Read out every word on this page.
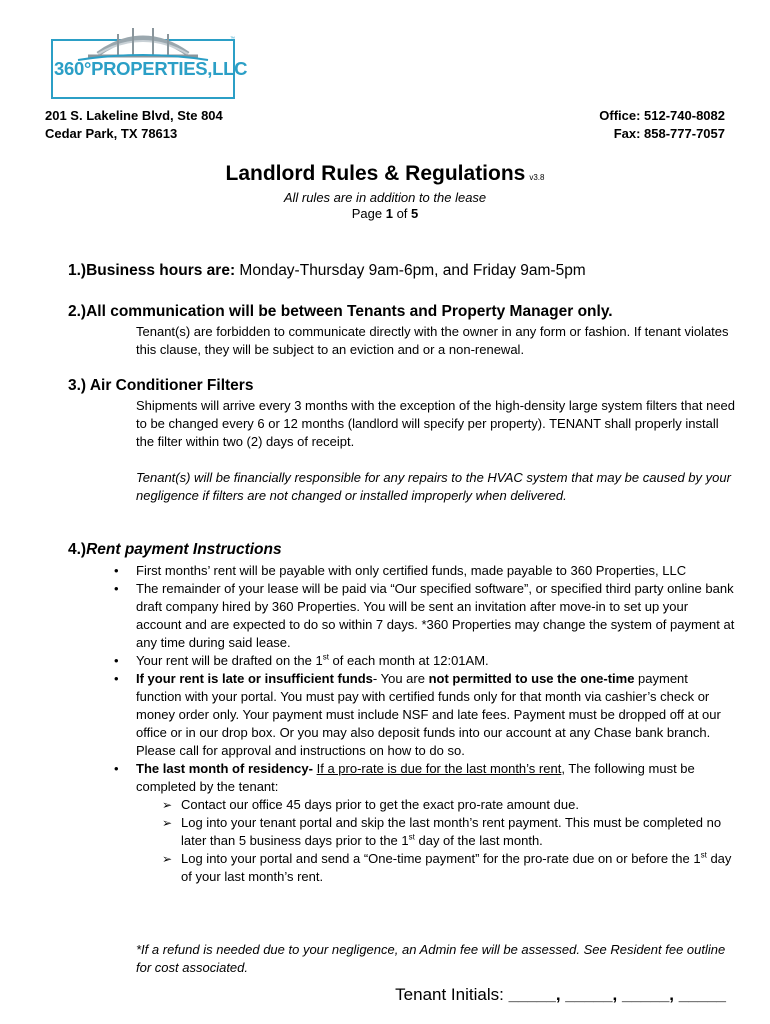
™
360°PROPERTIES,LLC
201 S. Lakeline Blvd, Ste 804
Cedar Park, TX 78613
Office: 512-740-8082
Fax: 858-777-7057
Landlord Rules & Regulations v3.8
All rules are in addition to the lease
Page 1 of 5
1.)Business hours are: Monday-Thursday 9am-6pm, and Friday 9am-5pm
2.)All communication will be between Tenants and Property Manager only.
Tenant(s) are forbidden to communicate directly with the owner in any form or fashion. If tenant violates this clause, they will be subject to an eviction and or a non-renewal.
3.) Air Conditioner Filters
Shipments will arrive every 3 months with the exception of the high-density large system filters that need to be changed every 6 or 12 months (landlord will specify per property). TENANT shall properly install the filter within two (2) days of receipt.
Tenant(s) will be financially responsible for any repairs to the HVAC system that may be caused by your negligence if filters are not changed or installed improperly when delivered.
4.)Rent payment Instructions
• First months’ rent will be payable with only certified funds, made payable to 360 Properties, LLC
• The remainder of your lease will be paid via “Our specified software”, or specified third party online bank draft company hired by 360 Properties. You will be sent an invitation after move-in to set up your account and are expected to do so within 7 days. *360 Properties may change the system of payment at any time during said lease.
• Your rent will be drafted on the 1st of each month at 12:01AM.
• If your rent is late or insufficient funds- You are not permitted to use the one-time payment function with your portal. You must pay with certified funds only for that month via cashier’s check or money order only. Your payment must include NSF and late fees. Payment must be dropped off at our office or in our drop box. Or you may also deposit funds into our account at any Chase bank branch. Please call for approval and instructions on how to do so.
• The last month of residency- If a pro-rate is due for the last month’s rent, The following must be completed by the tenant:
➢ Contact our office 45 days prior to get the exact pro-rate amount due.
➢ Log into your tenant portal and skip the last month’s rent payment. This must be completed no later than 5 business days prior to the 1st day of the last month.
➢ Log into your portal and send a “One-time payment” for the pro-rate due on or before the 1st day of your last month’s rent.
*If a refund is needed due to your negligence, an Admin fee will be assessed. See Resident fee outline for cost associated.
Tenant Initials: _____, _____, _____, _____
